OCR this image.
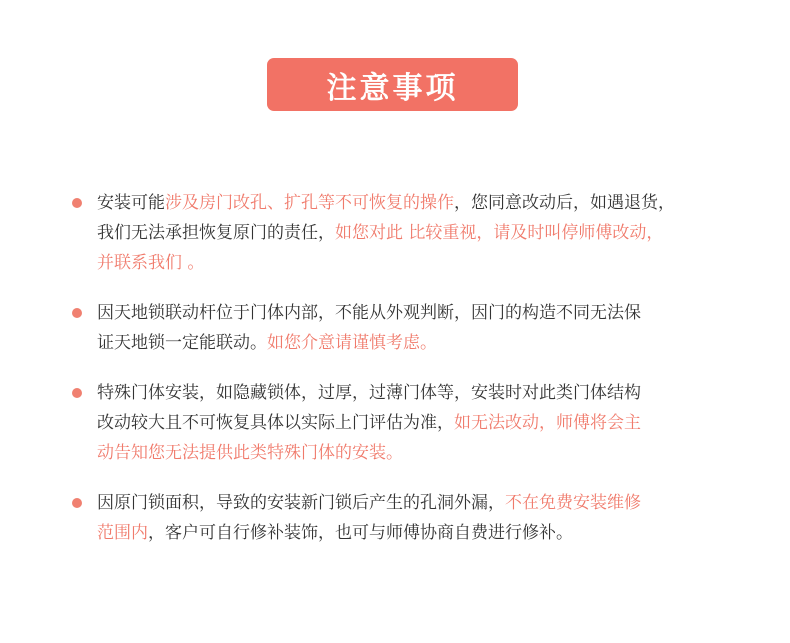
注意事项
安装可能涉及房门改孔、扩孔等不可恢复的操作，您同意改动后，如遇退货，
我们无法承担恢复原门的责任，如您对此 比较重视，请及时叫停师傅改动，
并联系我们 。
因天地锁联动杆位于门体内部，不能从外观判断，因门的构造不同无法保
证天地锁一定能联动。如您介意请谨慎考虑。
特殊门体安装，如隐藏锁体，过厚，过薄门体等，安装时对此类门体结构
改动较大且不可恢复具体以实际上门评估为准，如无法改动，师傅将会主
动告知您无法提供此类特殊门体的安装。
因原门锁面积，导致的安装新门锁后产生的孔洞外漏，不在免费安装维修
范围内，客户可自行修补装饰，也可与师傅协商自费进行修补。
